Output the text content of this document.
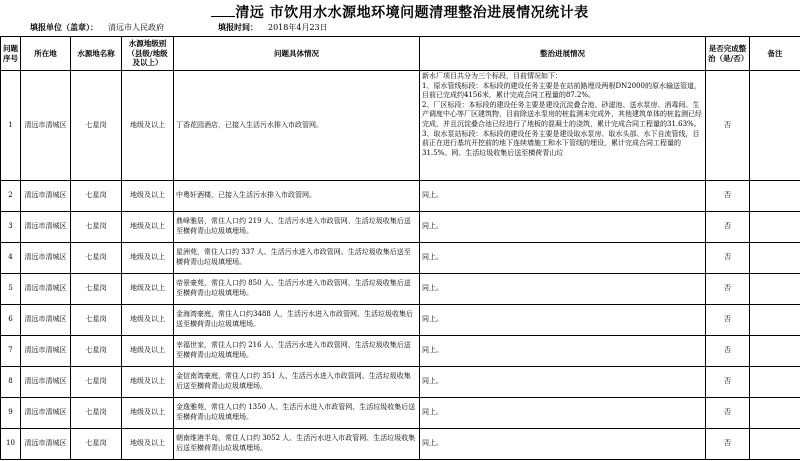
清远 市饮用水水源地环境问题清理整治进展情况统计表
填报单位（盖章）： 清远市人民政府	填报时间： 2018年4月23日
问题序号	所在地	水源地名称	水源地级别（县级/地级及以上）	问题具体情况	整治进展情况	是否完成整治（是/否）	备注
1	清远市清城区	七星岗	地级及以上	丁香花园酒店，已接入生活污水排入市政管网。	新水厂项目共分为三个标段，目前情况如下：
1、原水管线标段：本标段的建设任务主要是在站前路埋设两根DN2000的原水输送管道，目前已完成约4156米，累计完成合同工程量的87.2%。
2、厂区标段：本标段的建设任务主要是建设沉淀叠合池、砂滤池、送水泵房、消毒间、生产调度中心等厂区建筑物，目前除送水泵房的桩监测未完成外，其他建筑单体的桩监测已经完成，并且沉淀叠合池已经进行了地板的混凝土的浇筑，累计完成合同工程量的31.63%。
3、取水泵站标段：本标段的建设任务主要是建设取水泵房、取水头部、水下自流管线，目前正在进行基坑开挖前的地下连续墙施工和水下管线的埋设，累计完成合同工程量的31.5%。网、生活垃圾收集后送至横荷青山垃	否	
2	清远市清城区	七星岗	地级及以上	中粤轩酒楼，已接入生活污水排入市政管网。	同上。	否	
3	清远市清城区	七星岗	地级及以上	鼎峰雅居，常住人口约 219 人、生活污水进入市政管网、生活垃圾收集后送至横荷青山垃圾填埋场。	同上。	否	
4	清远市清城区	七星岗	地级及以上	星洲苑，常住人口约 337 人、生活污水进入市政管网、生活垃圾收集后送至横荷青山垃圾填埋场。	同上。	否	
5	清远市清城区	七星岗	地级及以上	帝景豪苑，常住人口约 850 人、生活污水进入市政管网、生活垃圾收集后送至横荷青山垃圾填埋场。	同上。	否	
6	清远市清城区	七星岗	地级及以上	金海湾豪庭，常住人口约3488 人，生活污水进入市政管网、生活垃圾收集后送至横荷青山垃圾填埋场。	同上。	否	
7	清远市清城区	七星岗	地级及以上	幸福世家，常住人口约 216 人、生活污水进入市政管网、生活垃圾收集后送至横荷青山垃圾填埋场。	同上。	否	
8	清远市清城区	七星岗	地级及以上	金信南湾豪庭，常住人口约 351 人、生活污水进入市政管网、生活垃圾收集后送至横荷青山垃圾填埋场。	同上。	否	
9	清远市清城区	七星岗	地级及以上	金逸雅苑，常住人口约 1350 人、生活污水进入市政管网、生活垃圾收集后送至横荷青山垃圾填埋场。	同上。	否	
10	清远市清城区	七星岗	地级及以上	朝南维港半岛，常住人口约 3052 人、生活污水进入市政管网、生活垃圾收集后送至横荷青山垃圾填埋场。	同上。	否	
